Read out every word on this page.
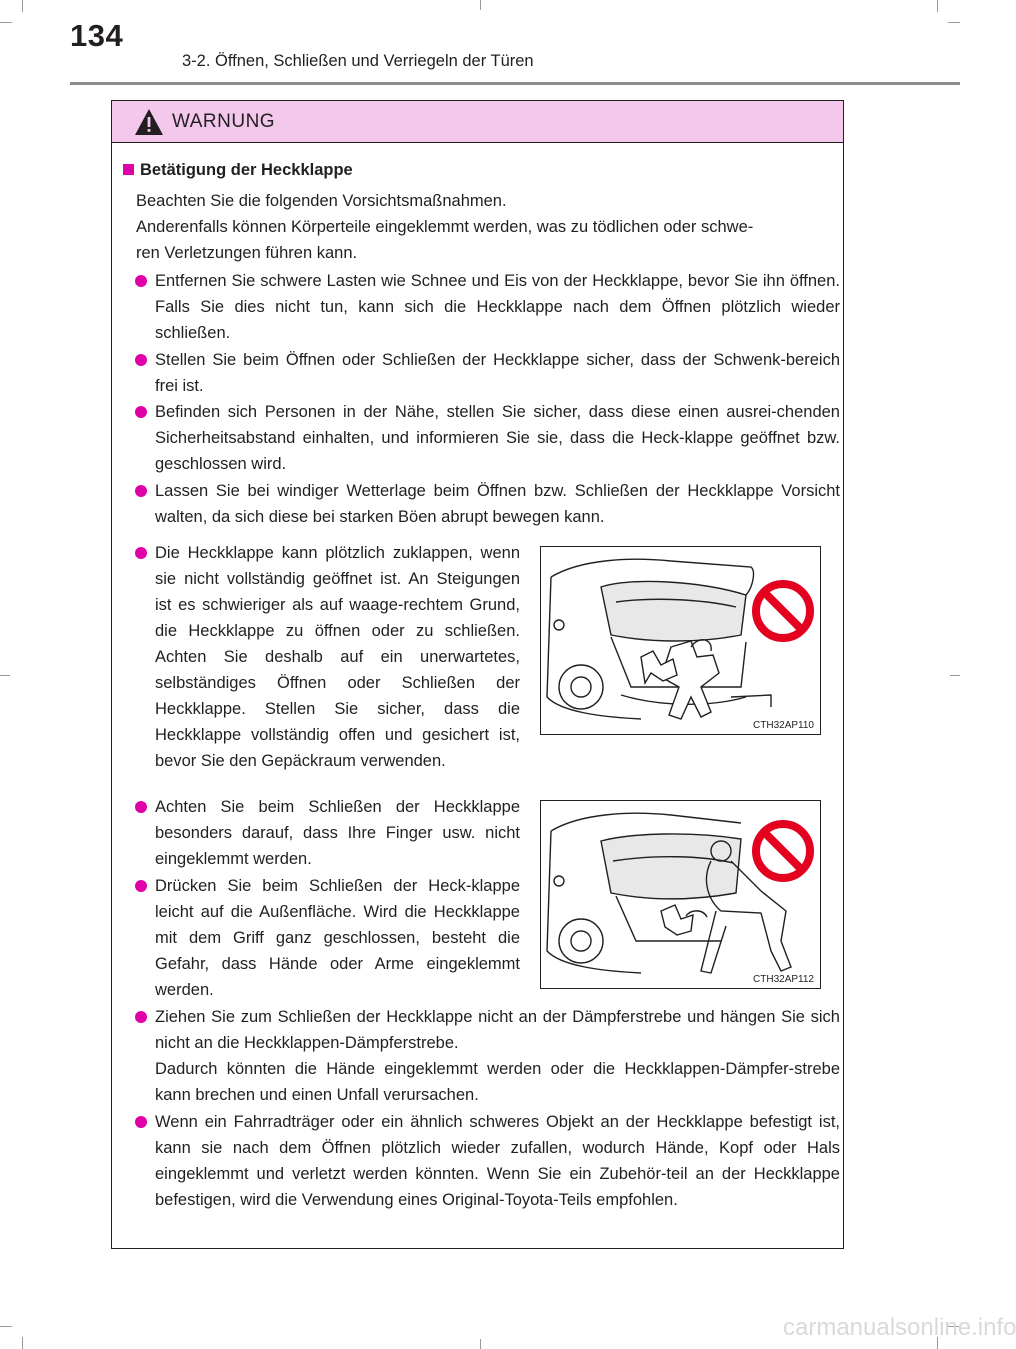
134
3-2. Öffnen, Schließen und Verriegeln der Türen
WARNUNG
Betätigung der Heckklappe
Beachten Sie die folgenden Vorsichtsmaßnahmen.
Anderenfalls können Körperteile eingeklemmt werden, was zu tödlichen oder schwe-
ren Verletzungen führen kann.
Entfernen Sie schwere Lasten wie Schnee und Eis von der Heckklappe, bevor Sie ihn öffnen. Falls Sie dies nicht tun, kann sich die Heckklappe nach dem Öffnen plötzlich wieder schließen.
Stellen Sie beim Öffnen oder Schließen der Heckklappe sicher, dass der Schwenk-bereich frei ist.
Befinden sich Personen in der Nähe, stellen Sie sicher, dass diese einen ausrei-chenden Sicherheitsabstand einhalten, und informieren Sie sie, dass die Heck-klappe geöffnet bzw. geschlossen wird.
Lassen Sie bei windiger Wetterlage beim Öffnen bzw. Schließen der Heckklappe Vorsicht walten, da sich diese bei starken Böen abrupt bewegen kann.
Die Heckklappe kann plötzlich zuklappen, wenn sie nicht vollständig geöffnet ist. An Steigungen ist es schwieriger als auf waage-rechtem Grund, die Heckklappe zu öffnen oder zu schließen. Achten Sie deshalb auf ein unerwartetes, selbständiges Öffnen oder Schließen der Heckklappe. Stellen Sie sicher, dass die Heckklappe vollständig offen und gesichert ist, bevor Sie den Gepäckraum verwenden.
CTH32AP110
Achten Sie beim Schließen der Heckklappe besonders darauf, dass Ihre Finger usw. nicht eingeklemmt werden.
Drücken Sie beim Schließen der Heck-klappe leicht auf die Außenfläche. Wird die Heckklappe mit dem Griff ganz geschlossen, besteht die Gefahr, dass Hände oder Arme eingeklemmt werden.
CTH32AP112
Ziehen Sie zum Schließen der Heckklappe nicht an der Dämpferstrebe und hängen Sie sich nicht an die Heckklappen-Dämpferstrebe.
Dadurch könnten die Hände eingeklemmt werden oder die Heckklappen-Dämpfer-strebe kann brechen und einen Unfall verursachen.
Wenn ein Fahrradträger oder ein ähnlich schweres Objekt an der Heckklappe befestigt ist, kann sie nach dem Öffnen plötzlich wieder zufallen, wodurch Hände, Kopf oder Hals eingeklemmt und verletzt werden könnten. Wenn Sie ein Zubehör-teil an der Heckklappe befestigen, wird die Verwendung eines Original-Toyota-Teils empfohlen.
carmanualsonline.info
